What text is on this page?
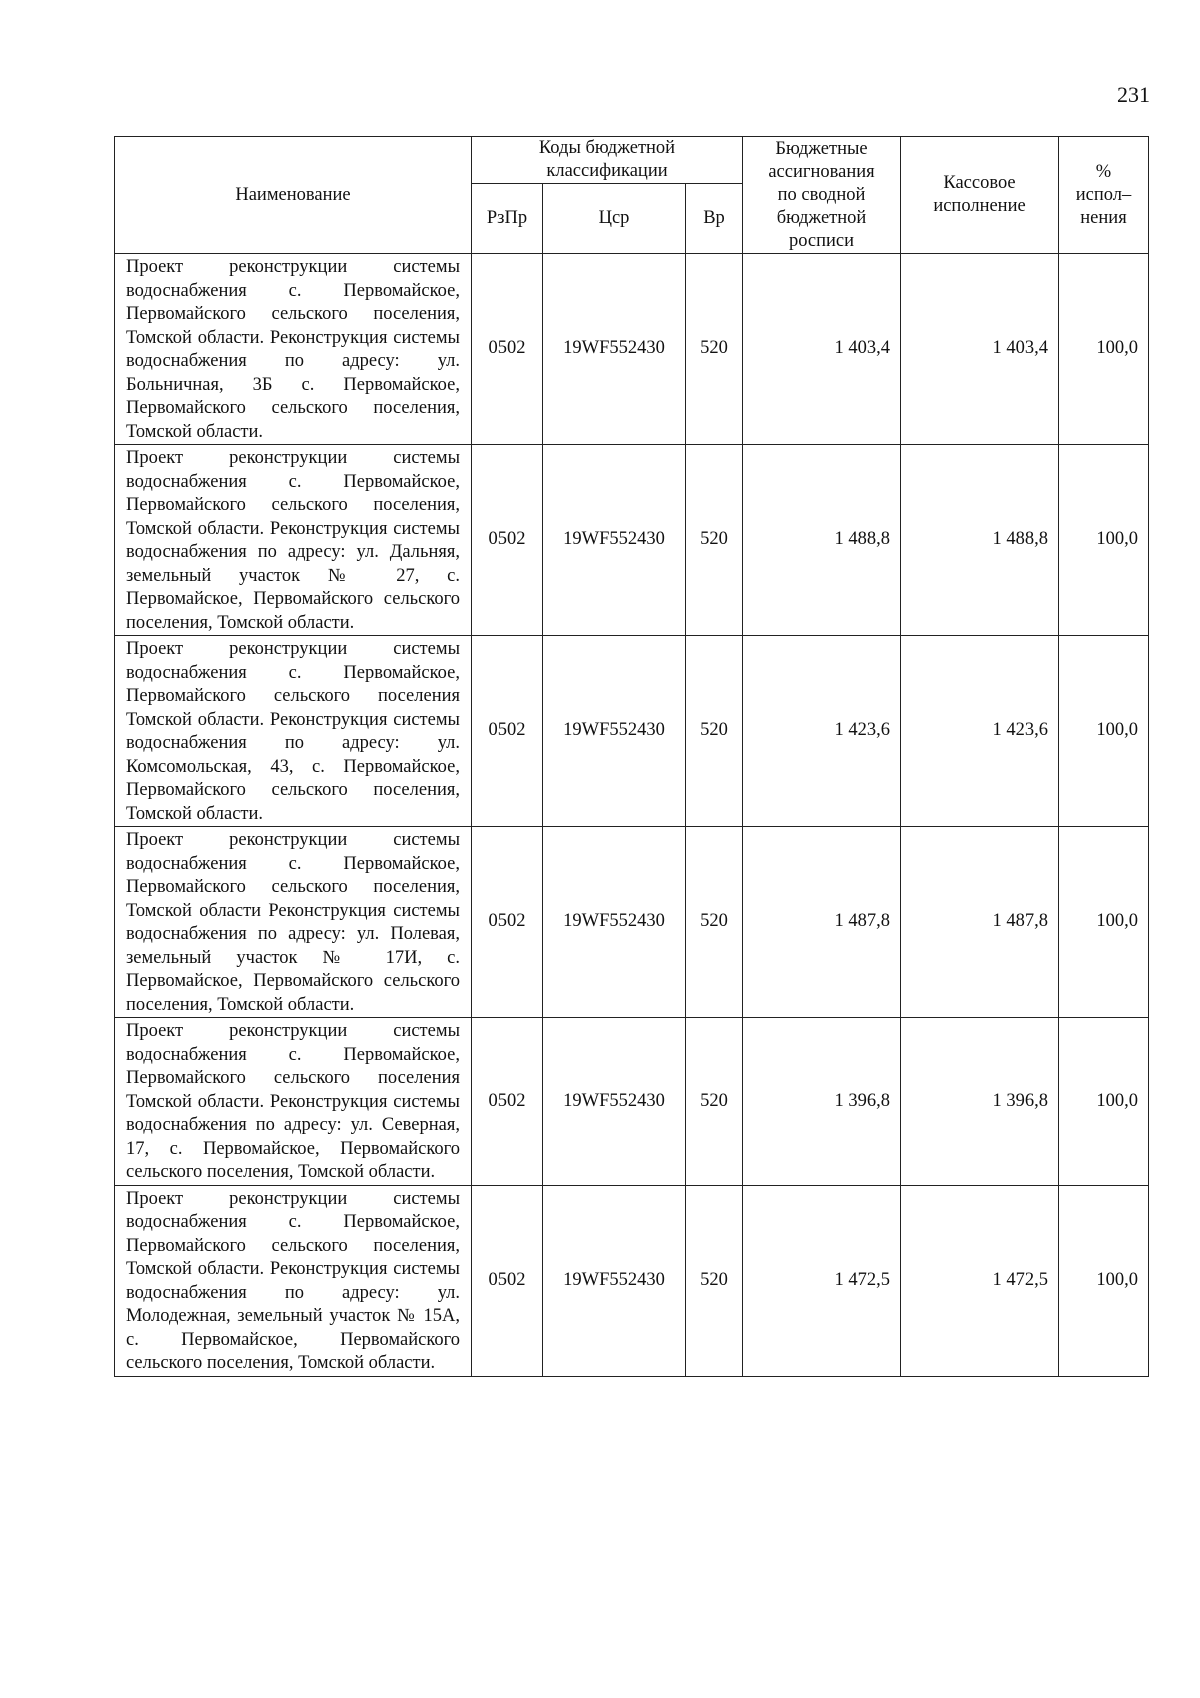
231
Наименование	Коды бюджетной классификации			Бюджетные ассигнования по сводной бюджетной росписи	Кассовое исполнение	% испол–нения
	РзПр	Цср	Вр			
Проект реконструкции системы водоснабжения с. Первомайское, Первомайского сельского поселения, Томской области. Реконструкция системы водоснабжения по адресу: ул. Больничная, 3Б с. Первомайское, Первомайского сельского поселения, Томской области.	0502	19WF552430	520	1 403,4	1 403,4	100,0
Проект реконструкции системы водоснабжения с. Первомайское, Первомайского сельского поселения, Томской области. Реконструкция системы водоснабжения по адресу: ул. Дальняя, земельный участок № 27, с. Первомайское, Первомайского сельского поселения, Томской области.	0502	19WF552430	520	1 488,8	1 488,8	100,0
Проект реконструкции системы водоснабжения с. Первомайское, Первомайского сельского поселения Томской области. Реконструкция системы водоснабжения по адресу: ул. Комсомольская, 43, с. Первомайское, Первомайского сельского поселения, Томской области.	0502	19WF552430	520	1 423,6	1 423,6	100,0
Проект реконструкции системы водоснабжения с. Первомайское, Первомайского сельского поселения, Томской области Реконструкция системы водоснабжения по адресу: ул. Полевая, земельный участок № 17И, с. Первомайское, Первомайского сельского поселения, Томской области.	0502	19WF552430	520	1 487,8	1 487,8	100,0
Проект реконструкции системы водоснабжения с. Первомайское, Первомайского сельского поселения Томской области. Реконструкция системы водоснабжения по адресу: ул. Северная, 17, с. Первомайское, Первомайского сельского поселения, Томской области.	0502	19WF552430	520	1 396,8	1 396,8	100,0
Проект реконструкции системы водоснабжения с. Первомайское, Первомайского сельского поселения, Томской области. Реконструкция системы водоснабжения по адресу: ул. Молодежная, земельный участок № 15А, с. Первомайское, Первомайского сельского поселения, Томской области.	0502	19WF552430	520	1 472,5	1 472,5	100,0
